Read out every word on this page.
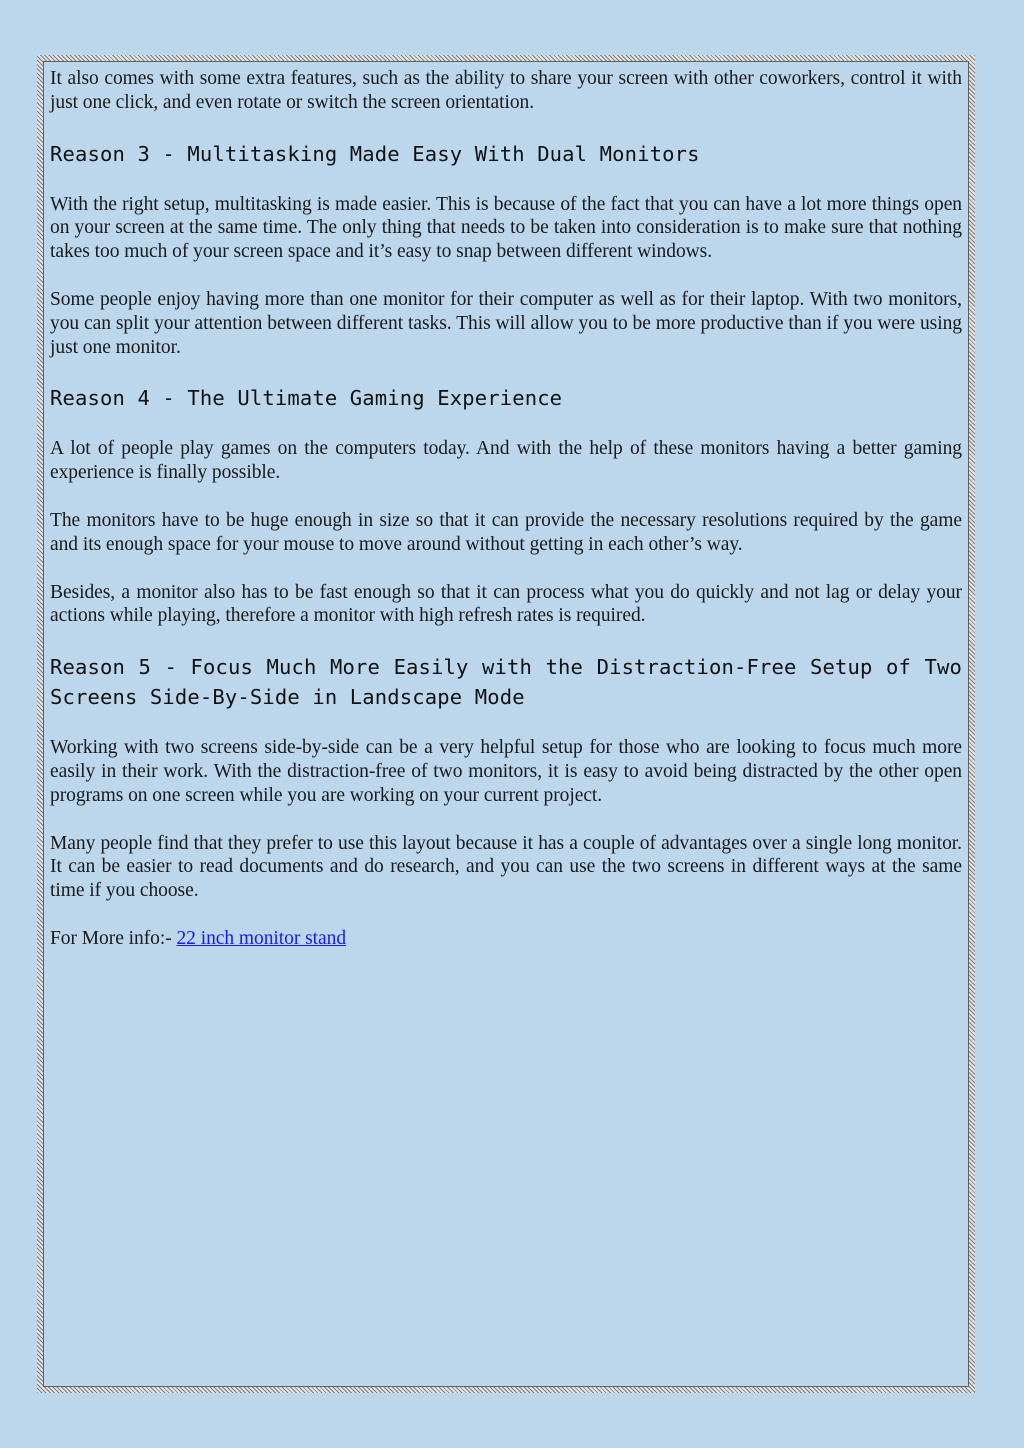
It also comes with some extra features, such as the ability to share your screen with other coworkers, control it with just one click, and even rotate or switch the screen orientation.

Reason 3 - Multitasking Made Easy With Dual Monitors

With the right setup, multitasking is made easier. This is because of the fact that you can have a lot more things open on your screen at the same time. The only thing that needs to be taken into consideration is to make sure that nothing takes too much of your screen space and it’s easy to snap between different windows.

Some people enjoy having more than one monitor for their computer as well as for their laptop. With two monitors, you can split your attention between different tasks. This will allow you to be more productive than if you were using just one monitor.

Reason 4 - The Ultimate Gaming Experience

A lot of people play games on the computers today. And with the help of these monitors having a better gaming experience is finally possible.

The monitors have to be huge enough in size so that it can provide the necessary resolutions required by the game and its enough space for your mouse to move around without getting in each other’s way.

Besides, a monitor also has to be fast enough so that it can process what you do quickly and not lag or delay your actions while playing, therefore a monitor with high refresh rates is required.

Reason 5 - Focus Much More Easily with the Distraction-Free Setup of Two Screens Side-By-Side in Landscape Mode

Working with two screens side-by-side can be a very helpful setup for those who are looking to focus much more easily in their work. With the distraction-free of two monitors, it is easy to avoid being distracted by the other open programs on one screen while you are working on your current project.

Many people find that they prefer to use this layout because it has a couple of advantages over a single long monitor. It can be easier to read documents and do research, and you can use the two screens in different ways at the same time if you choose.

For More info:- 22 inch monitor stand
